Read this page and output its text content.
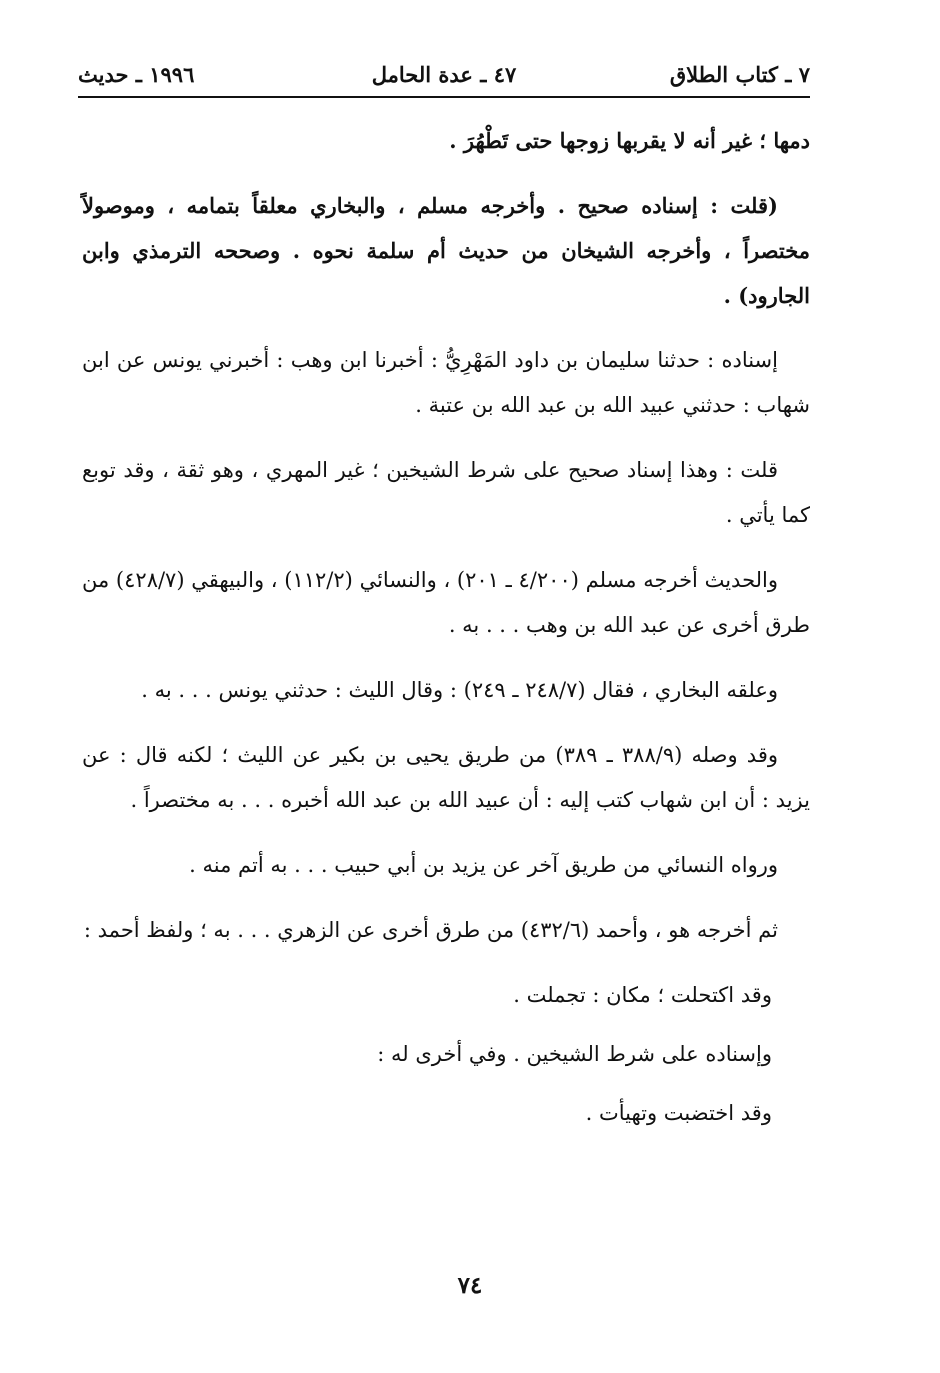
٧ ـ كتاب الطلاق
٤٧ ـ عدة الحامل
١٩٩٦ ـ حديث

دمها ؛ غير أنه لا يقربها زوجها حتى تَطْهُرَ .

(قلت : إسناده صحيح . وأخرجه مسلم ، والبخاري معلقاً بتمامه ، وموصولاً مختصراً ، وأخرجه الشيخان من حديث أم سلمة نحوه . وصححه الترمذي وابن الجارود) .

إسناده : حدثنا سليمان بن داود المَهْرِيُّ : أخبرنا ابن وهب : أخبرني يونس عن ابن شهاب : حدثني عبيد الله بن عبد الله بن عتبة .

قلت : وهذا إسناد صحيح على شرط الشيخين ؛ غير المهري ، وهو ثقة ، وقد توبع كما يأتي .

والحديث أخرجه مسلم (٤/٢٠٠ ـ ٢٠١) ، والنسائي (١١٢/٢) ، والبيهقي (٤٢٨/٧) من طرق أخرى عن عبد الله بن وهب . . . به .

وعلقه البخاري ، فقال (٢٤٨/٧ ـ ٢٤٩) : وقال الليث : حدثني يونس . . . به .

وقد وصله (٣٨٨/٩ ـ ٣٨٩) من طريق يحيى بن بكير عن الليث ؛ لكنه قال : عن يزيد : أن ابن شهاب كتب إليه : أن عبيد الله بن عبد الله أخبره . . . به مختصراً .

ورواه النسائي من طريق آخر عن يزيد بن أبي حبيب . . . به أتم منه .

ثم أخرجه هو ، وأحمد (٤٣٢/٦) من طرق أخرى عن الزهري . . . به ؛ ولفظ أحمد :

وقد اكتحلت ؛ مكان : تجملت .

وإسناده على شرط الشيخين . وفي أخرى له :

وقد اختضبت وتهيأت .

٧٤
